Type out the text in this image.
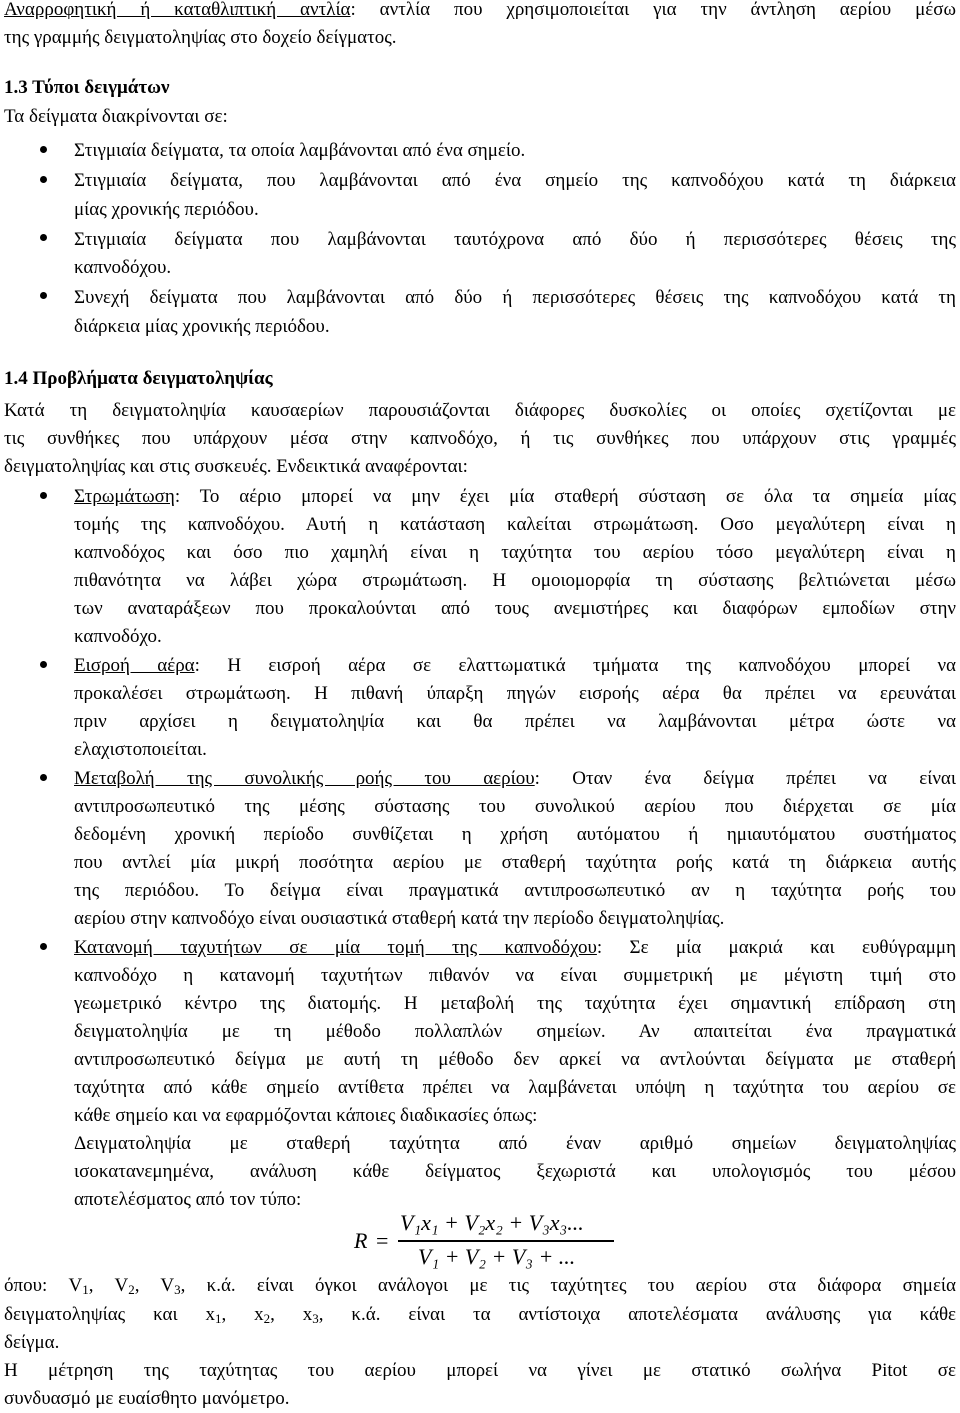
Αναρροφητική ή καταθλιπτική αντλία: αντλία που χρησιμοποιείται για την άντληση αερίου μέσω
της γραμμής δειγματοληψίας στο δοχείο δείγματος.
1.3 Τύποι δειγμάτων
Τα δείγματα διακρίνονται σε:
Στιγμιαία δείγματα, τα οποία λαμβάνονται από ένα σημείο.
Στιγμιαία δείγματα, που λαμβάνονται από ένα σημείο της καπνοδόχου κατά τη διάρκεια
μίας χρονικής περιόδου.
Στιγμιαία δείγματα που λαμβάνονται ταυτόχρονα από δύο ή περισσότερες θέσεις της
καπνοδόχου.
Συνεχή δείγματα που λαμβάνονται από δύο ή περισσότερες θέσεις της καπνοδόχου κατά τη
διάρκεια μίας χρονικής περιόδου.
1.4 Προβλήματα δειγματοληψίας
Κατά τη δειγματοληψία καυσαερίων παρουσιάζονται διάφορες δυσκολίες οι οποίες σχετίζονται με
τις συνθήκες που υπάρχουν μέσα στην καπνοδόχο, ή τις συνθήκες που υπάρχουν στις γραμμές
δειγματοληψίας και στις συσκευές. Ενδεικτικά αναφέρονται:
Στρωμάτωση: Το αέριο μπορεί να μην έχει μία σταθερή σύσταση σε όλα τα σημεία μίας
τομής της καπνοδόχου. Αυτή η κατάσταση καλείται στρωμάτωση. Οσο μεγαλύτερη είναι η
καπνοδόχος και όσο πιο χαμηλή είναι η ταχύτητα του αερίου τόσο μεγαλύτερη είναι η
πιθανότητα να λάβει χώρα στρωμάτωση. Η ομοιομορφία τη σύστασης βελτιώνεται μέσω
των αναταράξεων που προκαλούνται από τους ανεμιστήρες και διαφόρων εμποδίων στην
καπνοδόχο.
Εισροή αέρα: Η εισροή αέρα σε ελαττωματικά τμήματα της καπνοδόχου μπορεί να
προκαλέσει στρωμάτωση. Η πιθανή ύπαρξη πηγών εισροής αέρα θα πρέπει να ερευνάται
πριν αρχίσει η δειγματοληψία και θα πρέπει να λαμβάνονται μέτρα ώστε να
ελαχιστοποιείται.
Μεταβολή της συνολικής ροής του αερίου: Οταν ένα δείγμα πρέπει να είναι
αντιπροσωπευτικό της μέσης σύστασης του συνολικού αερίου που διέρχεται σε μία
δεδομένη χρονική περίοδο συνθίζεται η χρήση αυτόματου ή ημιαυτόματου συστήματος
που αντλεί μία μικρή ποσότητα αερίου με σταθερή ταχύτητα ροής κατά τη διάρκεια αυτής
της περιόδου. Το δείγμα είναι πραγματικά αντιπροσωπευτικό αν η ταχύτητα ροής του
αερίου στην καπνοδόχο είναι ουσιαστικά σταθερή κατά την περίοδο δειγματοληψίας.
Κατανομή ταχυτήτων σε μία τομή της καπνοδόχου: Σε μία μακριά και ευθύγραμμη
καπνοδόχο η κατανομή ταχυτήτων πιθανόν να είναι συμμετρική με μέγιστη τιμή στο
γεωμετρικό κέντρο της διατομής. Η μεταβολή της ταχύτητα έχει σημαντική επίδραση στη
δειγματοληψία με τη μέθοδο πολλαπλών σημείων. Αν απαιτείται ένα πραγματικά
αντιπροσωπευτικό δείγμα με αυτή τη μέθοδο δεν αρκεί να αντλούνται δείγματα με σταθερή
ταχύτητα από κάθε σημείο αντίθετα πρέπει να λαμβάνεται υπόψη η ταχύτητα του αερίου σε
κάθε σημείο και να εφαρμόζονται κάποιες διαδικασίες όπως:
Δειγματοληψία με σταθερή ταχύτητα από έναν αριθμό σημείων δειγματοληψίας
ισοκατανεμημένα, ανάλυση κάθε δείγματος ξεχωριστά και υπολογισμός του μέσου
αποτελέσματος από τον τύπο:
R =
V₁x₁ + V₂x₂ + V₃x₃...
V₁ + V₂ + V₃ + ...
όπου: $V_1$, $V_2$, $V_3$, κ.ά. είναι όγκοι ανάλογοι με τις ταχύτητες του αερίου στα διάφορα σημεία
δειγματοληψίας και $x_1$, $x_2$, $x_3$, κ.ά. είναι τα αντίστοιχα αποτελέσματα ανάλυσης για κάθε
δείγμα.
Η μέτρηση της ταχύτητας του αερίου μπορεί να γίνει με στατικό σωλήνα Pitot σε
συνδυασμό με ευαίσθητο μανόμετρο.
